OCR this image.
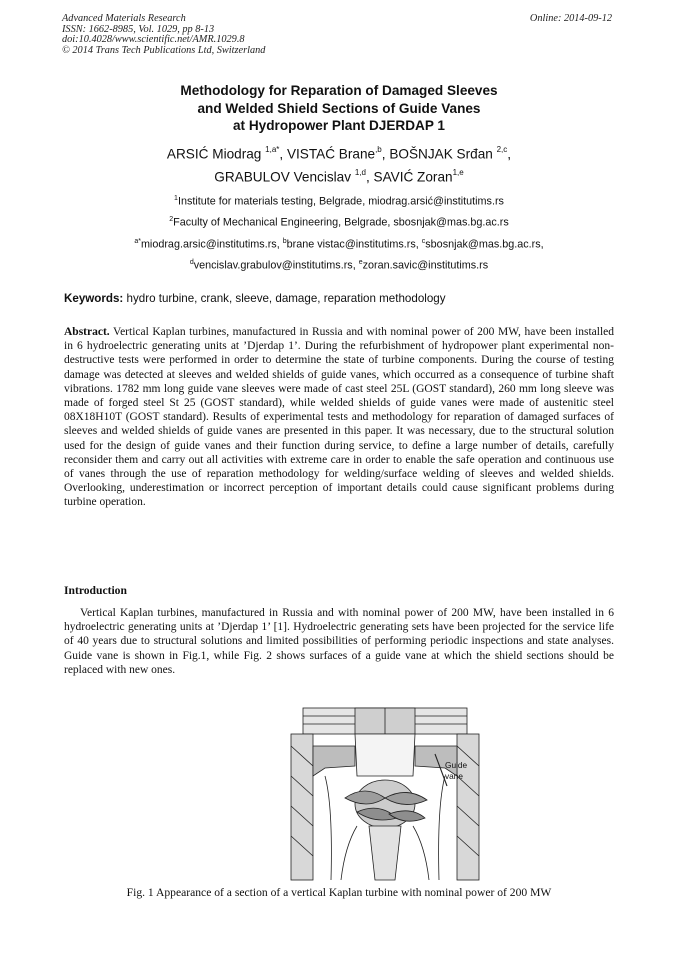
Advanced Materials Research
ISSN: 1662-8985, Vol. 1029, pp 8-13
doi:10.4028/www.scientific.net/AMR.1029.8
© 2014 Trans Tech Publications Ltd, Switzerland
Online: 2014-09-12
Methodology for Reparation of Damaged Sleeves
and Welded Shield Sections of Guide Vanes
at Hydropower Plant DJERDAP 1
ARSIĆ Miodrag $^{1,a*}$, VISTAĆ Brane$^{,b}$, BOŠNJAK Srđan $^{2,c}$,
GRABULOV Vencislav $^{1,d}$, SAVIĆ Zoran$^{1,e}$
$^1$Institute for materials testing, Belgrade, miodrag.arsić@institutims.rs
$^2$Faculty of Mechanical Engineering, Belgrade, sbosnjak@mas.bg.ac.rs
$^{a*}$miodrag.arsic@institutims.rs, $^b$brane vistac@institutims.rs, $^c$sbosnjak@mas.bg.ac.rs,
$^d$vencislav.grabulov@institutims.rs, $^e$zoran.savic@institutims.rs
Keywords: hydro turbine, crank, sleeve, damage, reparation methodology
Abstract. Vertical Kaplan turbines, manufactured in Russia and with nominal power of 200 MW, have been installed in 6 hydroelectric generating units at ’Djerdap 1’. During the refurbishment of hydropower plant experimental non-destructive tests were performed in order to determine the state of turbine components. During the course of testing damage was detected at sleeves and welded shields of guide vanes, which occurred as a consequence of turbine shaft vibrations. 1782 mm long guide vane sleeves were made of cast steel 25L (GOST standard), 260 mm long sleeve was made of forged steel St 25 (GOST standard), while welded shields of guide vanes were made of austenitic steel 08X18H10T (GOST standard). Results of experimental tests and methodology for reparation of damaged surfaces of sleeves and welded shields of guide vanes are presented in this paper. It was necessary, due to the structural solution used for the design of guide vanes and their function during service, to define a large number of details, carefully reconsider them and carry out all activities with extreme care in order to enable the safe operation and continuous use of vanes through the use of reparation methodology for welding/surface welding of sleeves and welded shields. Overlooking, underestimation or incorrect perception of important details could cause significant problems during turbine operation.
Introduction
Vertical Kaplan turbines, manufactured in Russia and with nominal power of 200 MW, have been installed in 6 hydroelectric generating units at ’Djerdap 1’ [1]. Hydroelectric generating sets have been projected for the service life of 40 years due to structural solutions and limited possibilities of performing periodic inspections and state analyses. Guide vane is shown in Fig.1, while Fig. 2 shows surfaces of a guide vane at which the shield sections should be replaced with new ones.
Guide
vane
Fig. 1 Appearance of a section of a vertical Kaplan turbine with nominal power of 200 MW
